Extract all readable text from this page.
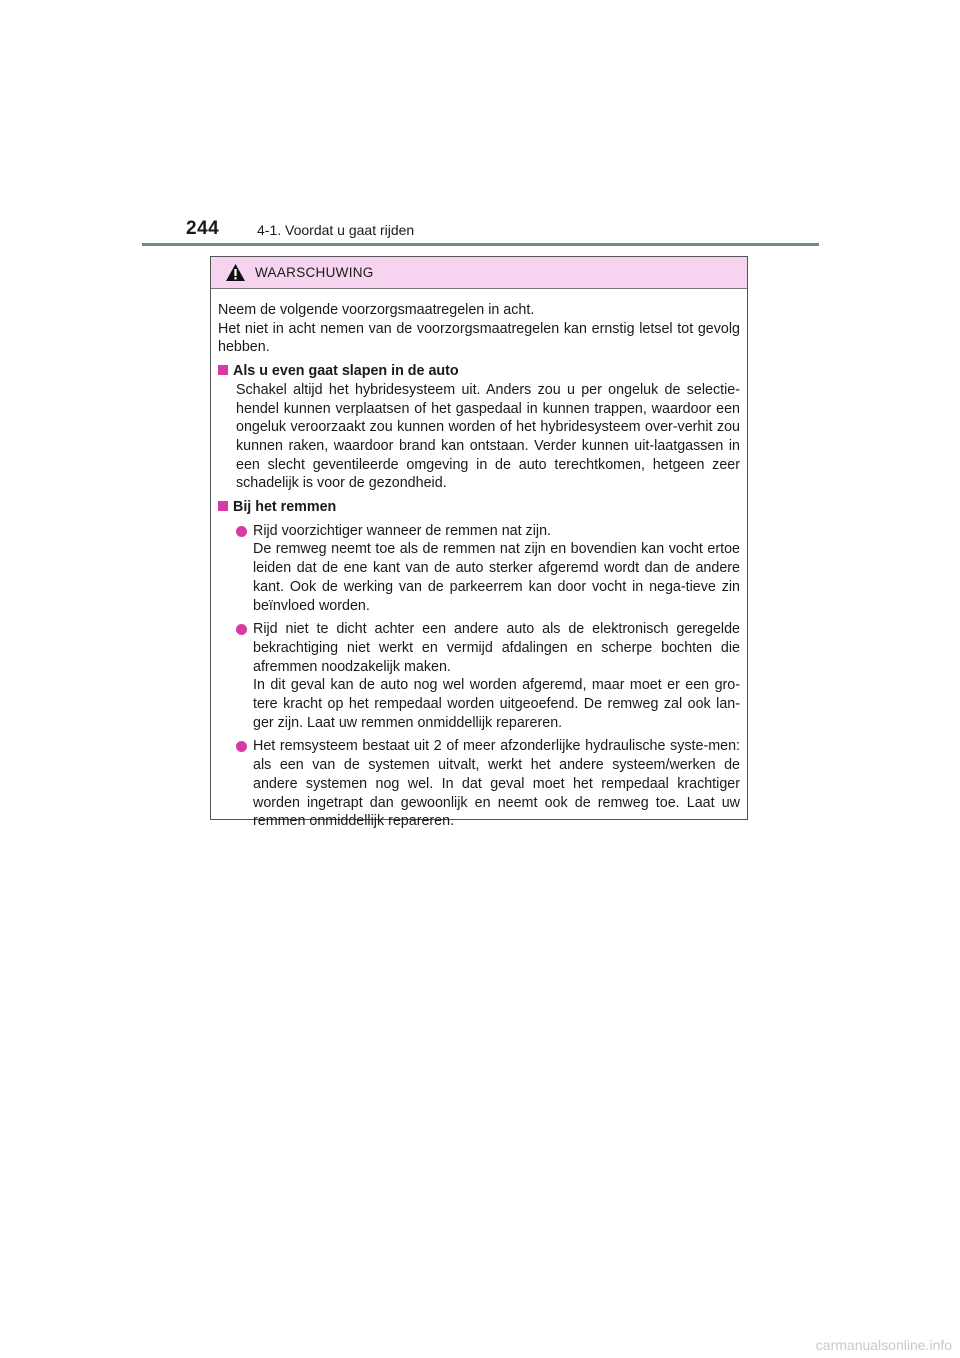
244	4-1. Voordat u gaat rijden
WAARSCHUWING

Neem de volgende voorzorgsmaatregelen in acht.

Het niet in acht nemen van de voorzorgsmaatregelen kan ernstig letsel tot gevolg hebben.

Als u even gaat slapen in de auto

Schakel altijd het hybridesysteem uit. Anders zou u per ongeluk de selectie-hendel kunnen verplaatsen of het gaspedaal in kunnen trappen, waardoor een ongeluk veroorzaakt zou kunnen worden of het hybridesysteem over-verhit zou kunnen raken, waardoor brand kan ontstaan. Verder kunnen uit-laatgassen in een slecht geventileerde omgeving in de auto terechtkomen, hetgeen zeer schadelijk is voor de gezondheid.

Bij het remmen

Rijd voorzichtiger wanneer de remmen nat zijn.

De remweg neemt toe als de remmen nat zijn en bovendien kan vocht ertoe leiden dat de ene kant van de auto sterker afgeremd wordt dan de andere kant. Ook de werking van de parkeerrem kan door vocht in nega-tieve zin beïnvloed worden.

Rijd niet te dicht achter een andere auto als de elektronisch geregelde bekrachtiging niet werkt en vermijd afdalingen en scherpe bochten die afremmen noodzakelijk maken.

In dit geval kan de auto nog wel worden afgeremd, maar moet er een gro-tere kracht op het rempedaal worden uitgeoefend. De remweg zal ook lan-ger zijn. Laat uw remmen onmiddellijk repareren.

Het remsysteem bestaat uit 2 of meer afzonderlijke hydraulische syste-men: als een van de systemen uitvalt, werkt het andere systeem/werken de andere systemen nog wel. In dat geval moet het rempedaal krachtiger worden ingetrapt dan gewoonlijk en neemt ook de remweg toe. Laat uw remmen onmiddellijk repareren.

carmanualsonline.info
